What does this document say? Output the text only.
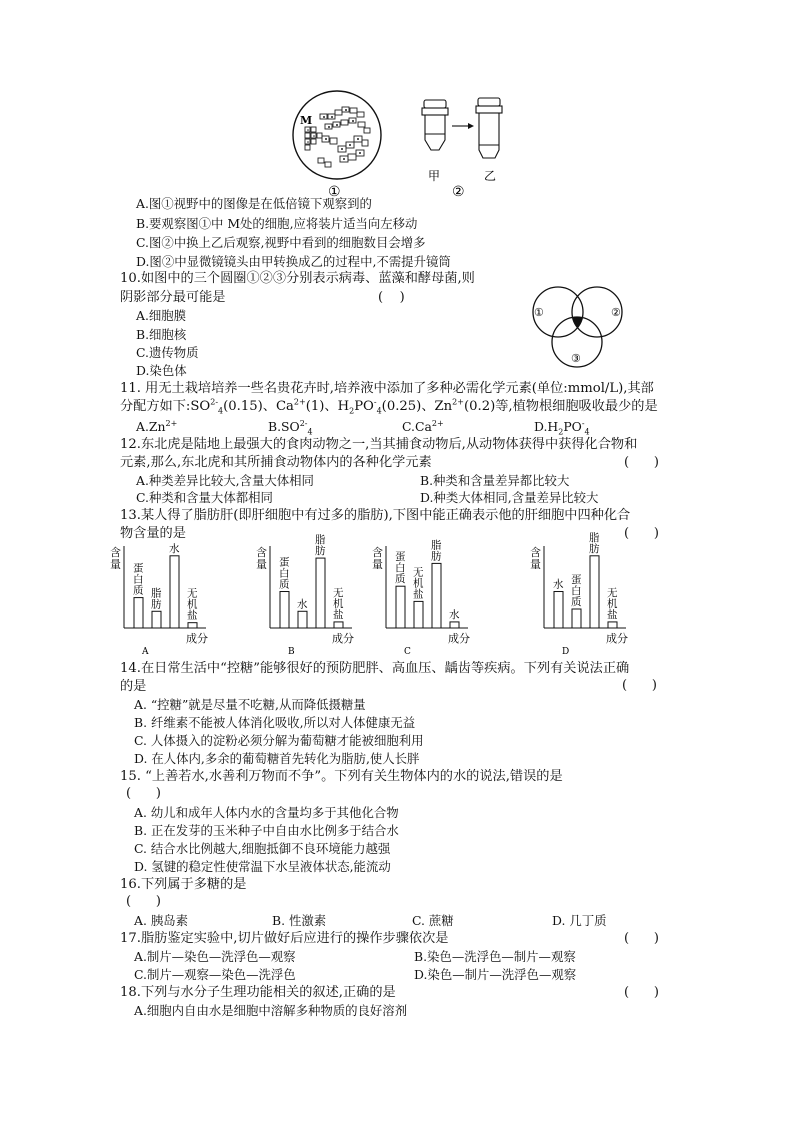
M
①
甲
②
乙
A.图①视野中的图像是在低倍镜下观察到的
B.要观察图①中 M处的细胞,应将装片适当向左移动
C.图②中换上乙后观察,视野中看到的细胞数目会增多
D.图②中显微镜镜头由甲转换成乙的过程中,不需提升镜筒
10.如图中的三个圆圈①②③分别表示病毒、蓝藻和酵母菌,则
阴影部分最可能是	(    )
A.细胞膜
B.细胞核
C.遗传物质
D.染色体
①	②
③
11. 用无土栽培培养一些名贵花卉时,培养液中添加了多种必需化学元素(单位:mmol/L),其部
分配方如下$:SO^{2-}_4(0.15)$、$Ca^{2+}(1)$、$H_2PO^-_4(0.25)$、$Zn^{2+}(0.2)$等,植物根细胞吸收最少的是
$A.Zn^{2+}$	$B.SO^{2-}_4$	$C.Ca^{2+}$	$D.H_2PO^-_4$
12.东北虎是陆地上最强大的食肉动物之一,当其捕食动物后,从动物体获得中获得化合物和
元素,那么,东北虎和其所捕食动物体内的各种化学元素	(      )
A.种类差异比较大,含量大体相同	B.种类和含量差异都比较大
C.种类和含量大体都相同	D.种类大体相同,含量差异比较大
13.某人得了脂肪肝(即肝细胞中有过多的脂肪),下图中能正确表示他的肝细胞中四种化合
物含量的是	(      )
含
量 蛋
白
质 脂
肪
水
无
机
盐
成分
A
含
量 蛋
白
质
水
脂
肪
无
机
盐
成分
B
含
量
蛋
白
质
无
机
盐
脂
肪
水
成分
C
含
量
水 蛋
白
质
脂
肪
无
机
盐
成分
D
14.在日常生活中“控糖”能够很好的预防肥胖、高血压、龋齿等疾病。下列有关说法正确
的是	(      )
A. “控糖”就是尽量不吃糖,从而降低摄糖量
B. 纤维素不能被人体消化吸收,所以对人体健康无益
C. 人体摄入的淀粉必须分解为葡萄糖才能被细胞利用
D. 在人体内,多余的葡萄糖首先转化为脂肪,使人长胖
15. “上善若水,水善利万物而不争”。下列有关生物体内的水的说法,错误的是
(      )
A. 幼儿和成年人体内水的含量均多于其他化合物
B. 正在发芽的玉米种子中自由水比例多于结合水
C. 结合水比例越大,细胞抵御不良环境能力越强
D. 氢键的稳定性使常温下水呈液体状态,能流动
16.下列属于多糖的是
(      )
A. 胰岛素	B. 性激素	C. 蔗糖	D. 几丁质
17.脂肪鉴定实验中,切片做好后应进行的操作步骤依次是	(      )
A.制片—染色—洗浮色—观察	B.染色—洗浮色—制片—观察
C.制片—观察—染色—洗浮色	D.染色—制片—洗浮色—观察
18.下列与水分子生理功能相关的叙述,正确的是	(      )
A.细胞内自由水是细胞中溶解多种物质的良好溶剂
